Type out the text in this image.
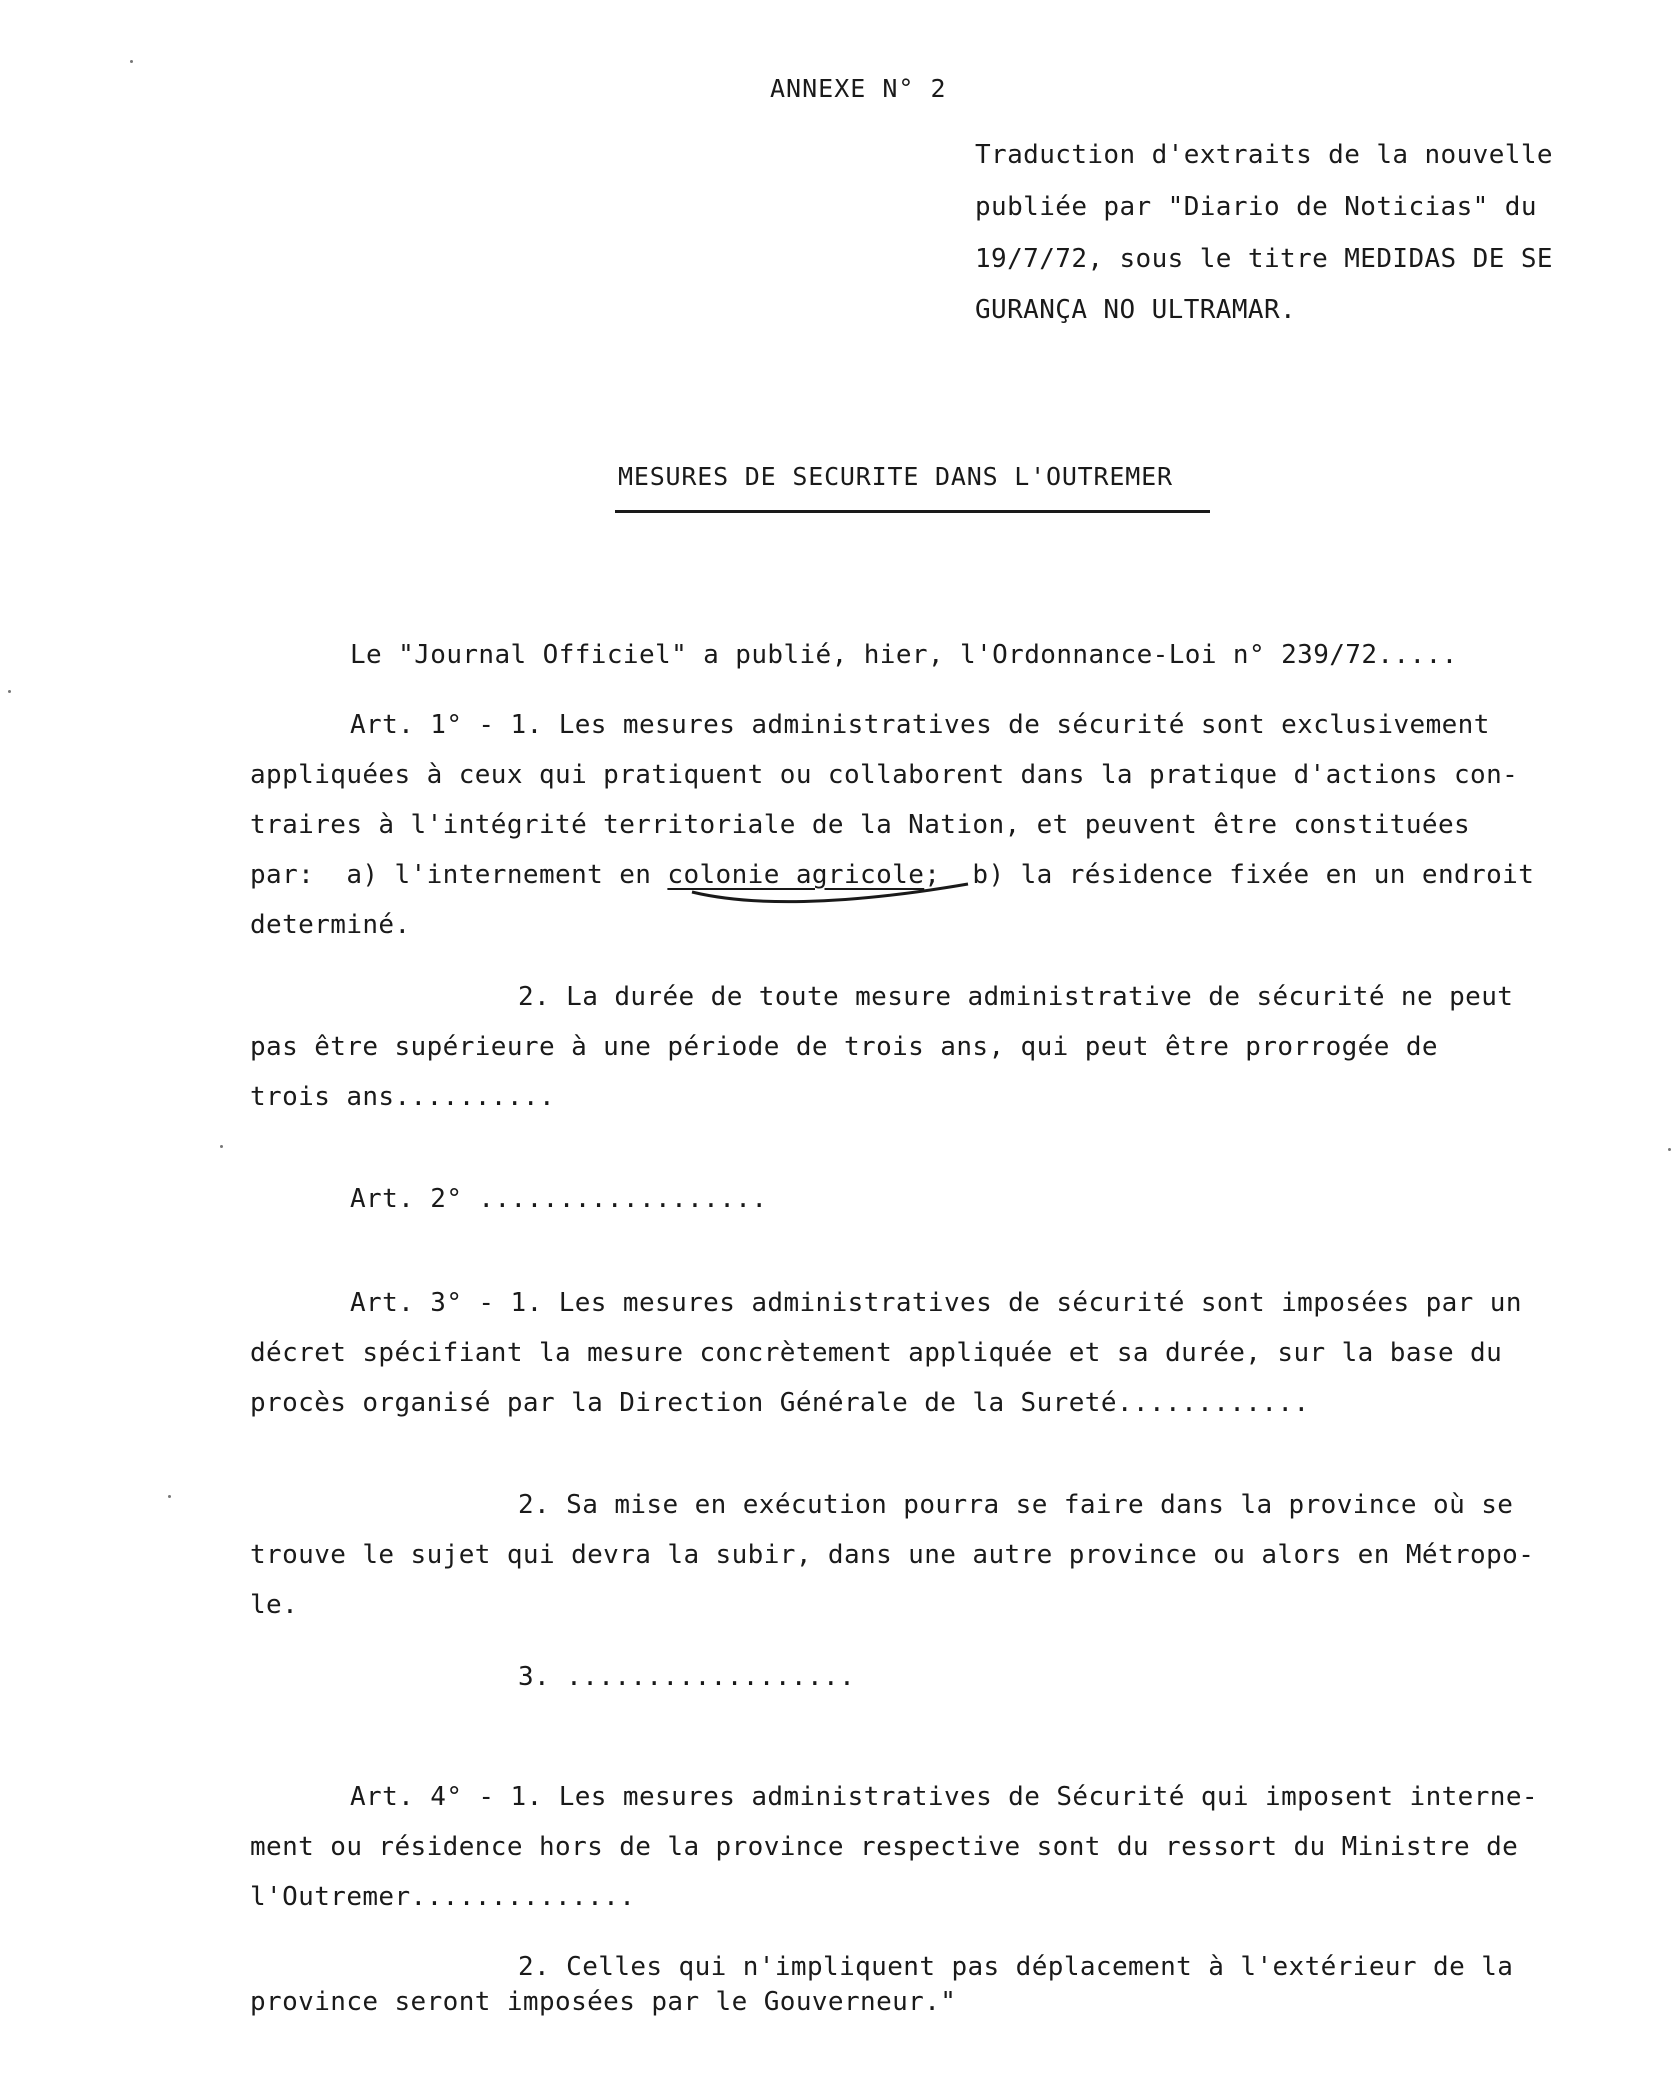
ANNEXE N° 2
Traduction d'extraits de la nouvelle
publiée par "Diario de Noticias" du
19/7/72, sous le titre MEDIDAS DE SE
GURANÇA NO ULTRAMAR.
MESURES DE SECURITE DANS L'OUTREMER
Le "Journal Officiel" a publié, hier, l'Ordonnance-Loi n° 239/72.....
Art. 1° - 1. Les mesures administratives de sécurité sont exclusivement
appliquées à ceux qui pratiquent ou collaborent dans la pratique d'actions con-
traires à l'intégrité territoriale de la Nation, et peuvent être constituées
par:  a) l'internement en colonie agricole;  b) la résidence fixée en un endroit
determiné.
2. La durée de toute mesure administrative de sécurité ne peut
pas être supérieure à une période de trois ans, qui peut être prorrogée de
trois ans..........
Art. 2° ..................
Art. 3° - 1. Les mesures administratives de sécurité sont imposées par un
décret spécifiant la mesure concrètement appliquée et sa durée, sur la base du
procès organisé par la Direction Générale de la Sureté............
2. Sa mise en exécution pourra se faire dans la province où se
trouve le sujet qui devra la subir, dans une autre province ou alors en Métropo-
le.
3. ..................
Art. 4° - 1. Les mesures administratives de Sécurité qui imposent interne-
ment ou résidence hors de la province respective sont du ressort du Ministre de
l'Outremer..............
2. Celles qui n'impliquent pas déplacement à l'extérieur de la
province seront imposées par le Gouverneur."
